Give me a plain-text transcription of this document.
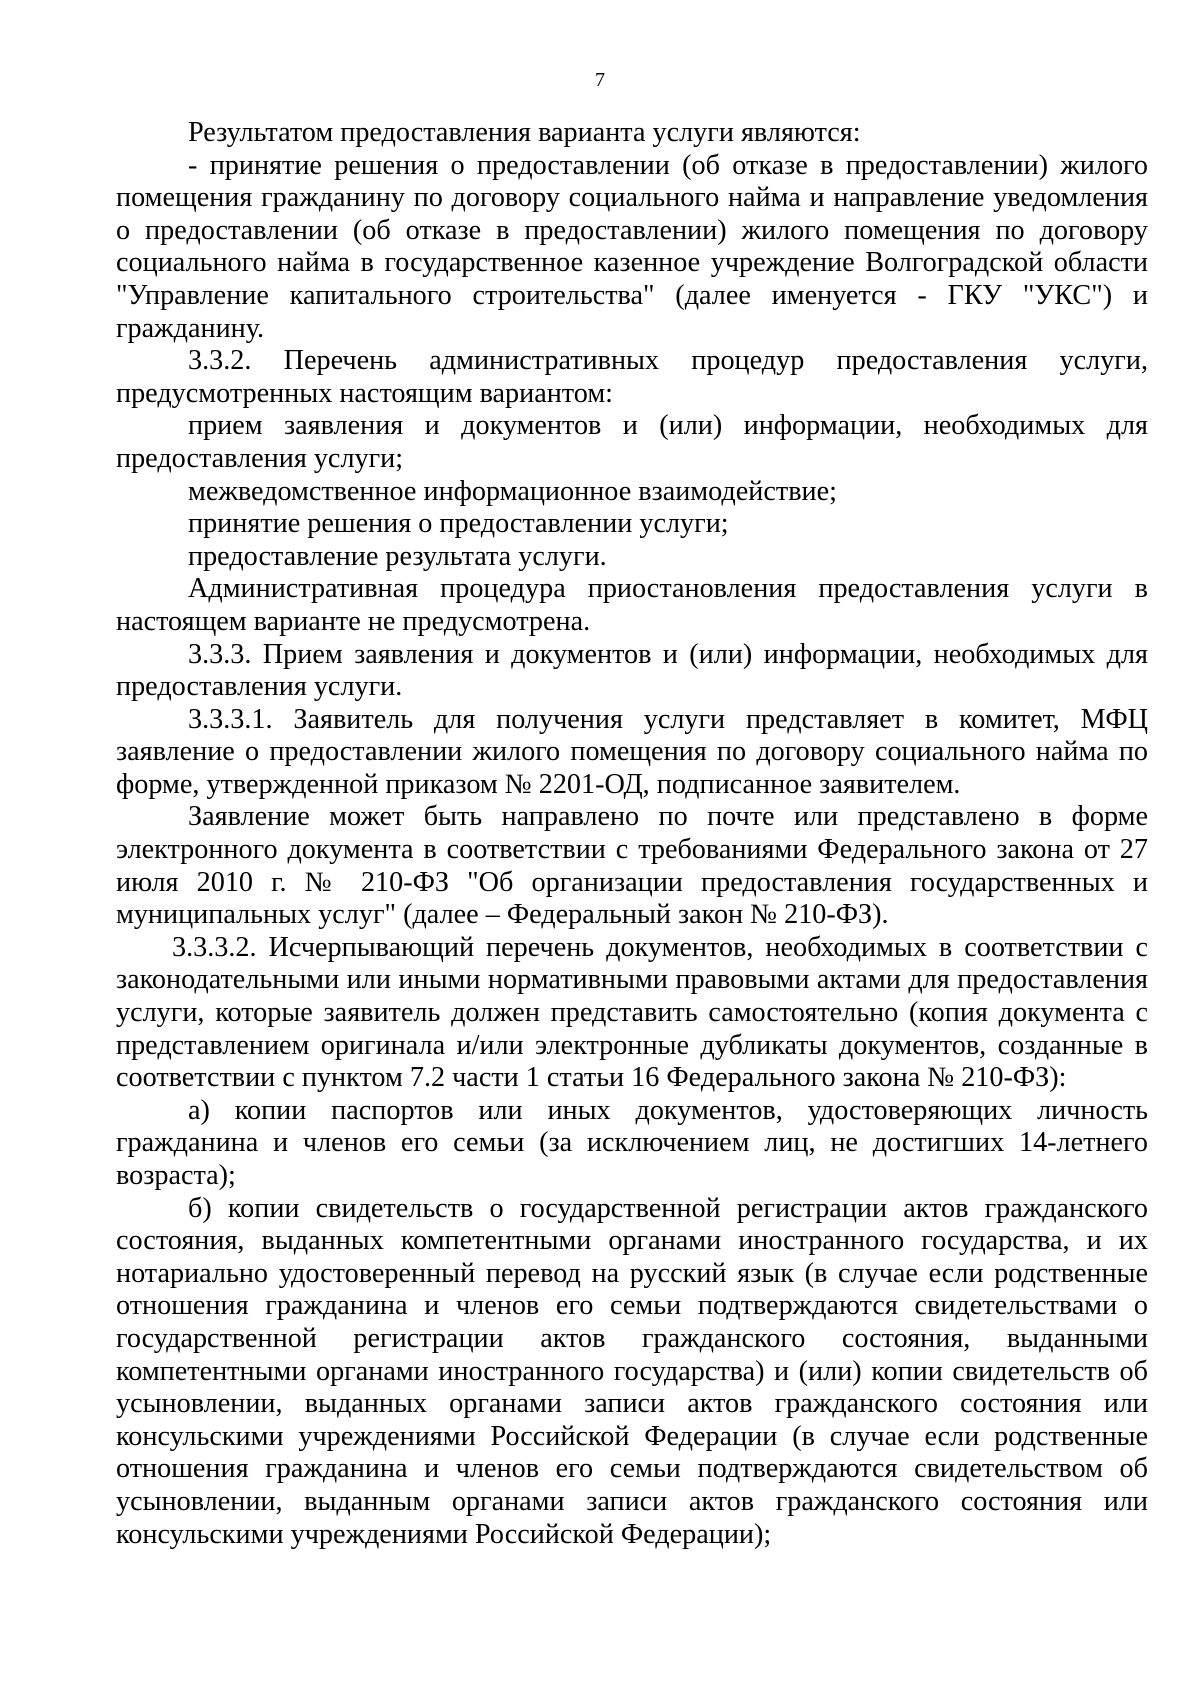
7

Результатом предоставления варианта услуги являются:

- принятие решения о предоставлении (об отказе в предоставлении) жилого помещения гражданину по договору социального найма и направление уведомления о предоставлении (об отказе в предоставлении) жилого помещения по договору социального найма в государственное казенное учреждение Волгоградской области "Управление капитального строительства" (далее именуется - ГКУ "УКС") и гражданину.

3.3.2. Перечень административных процедур предоставления услуги, предусмотренных настоящим вариантом:

прием заявления и документов и (или) информации, необходимых для предоставления услуги;

межведомственное информационное взаимодействие;

принятие решения о предоставлении услуги;

предоставление результата услуги.

Административная процедура приостановления предоставления услуги в настоящем варианте не предусмотрена.

3.3.3. Прием заявления и документов и (или) информации, необходимых для предоставления услуги.

3.3.3.1. Заявитель для получения услуги представляет в комитет, МФЦ заявление о предоставлении жилого помещения по договору социального найма по форме, утвержденной приказом № 2201-ОД, подписанное заявителем.

Заявление может быть направлено по почте или представлено в форме электронного документа в соответствии с требованиями Федерального закона от 27 июля 2010 г. № 210-ФЗ "Об организации предоставления государственных и муниципальных услуг" (далее – Федеральный закон № 210-ФЗ).

3.3.3.2. Исчерпывающий перечень документов, необходимых в соответствии с законодательными или иными нормативными правовыми актами для предоставления услуги, которые заявитель должен представить самостоятельно (копия документа с представлением оригинала и/или электронные дубликаты документов, созданные в соответствии с пунктом 7.2 части 1 статьи 16 Федерального закона № 210-ФЗ):

а) копии паспортов или иных документов, удостоверяющих личность гражданина и членов его семьи (за исключением лиц, не достигших 14-летнего возраста);

б) копии свидетельств о государственной регистрации актов гражданского состояния, выданных компетентными органами иностранного государства, и их нотариально удостоверенный перевод на русский язык (в случае если родственные отношения гражданина и членов его семьи подтверждаются свидетельствами о государственной регистрации актов гражданского состояния, выданными компетентными органами иностранного государства) и (или) копии свидетельств об усыновлении, выданных органами записи актов гражданского состояния или консульскими учреждениями Российской Федерации (в случае если родственные отношения гражданина и членов его семьи подтверждаются свидетельством об усыновлении, выданным органами записи актов гражданского состояния или консульскими учреждениями Российской Федерации);
